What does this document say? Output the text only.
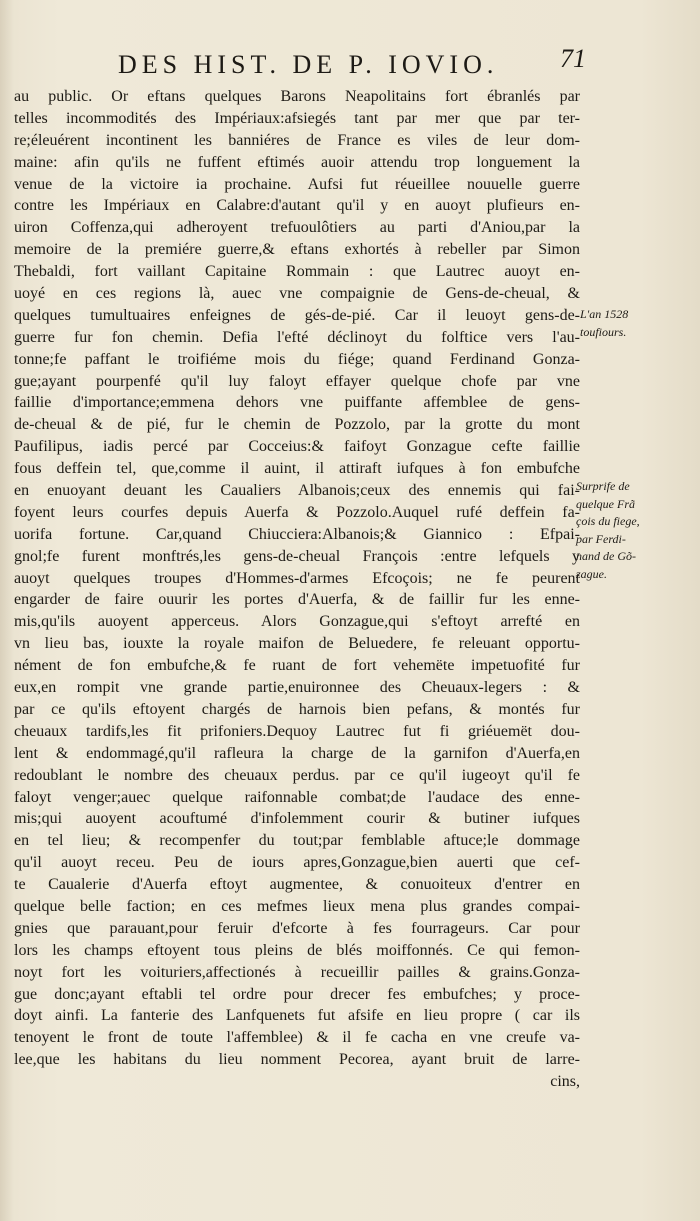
DES HIST. DE P. IOVIO. 71
au public. Or eftans quelques Barons Neapolitains fort ébranlés par
telles incommodités des Impériaux:afsiegés tant par mer que par ter-
re;éleuérent incontinent les banniéres de France es viles de leur dom-
maine: afin qu'ils ne fuffent eftimés auoir attendu trop longuement la
venue de la victoire ia prochaine. Aufsi fut réueillee nouuelle guerre
contre les Impériaux en Calabre:d'autant qu'il y en auoyt plufieurs en-
uiron Coffenza,qui adheroyent trefuoulôtiers au parti d'Aniou,par la
memoire de la premiére guerre,& eftans exhortés à rebeller par Simon
Thebaldi, fort vaillant Capitaine Rommain : que Lautrec auoyt en-
uoyé en ces regions là, auec vne compaignie de Gens-de-cheual, &
quelques tumultuaires enfeignes de gés-de-pié. Car il leuoyt gens-de-
guerre fur fon chemin. Defia l'efté déclinoyt du folftice vers l'au-
tonne;fe paffant le troifiéme mois du fiége; quand Ferdinand Gonza-
gue;ayant pourpenfé qu'il luy faloyt effayer quelque chofe par vne
faillie d'importance;emmena dehors vne puiffante affemblee de gens-
de-cheual & de pié, fur le chemin de Pozzolo, par la grotte du mont
Paufilipus, iadis percé par Cocceius:& faifoyt Gonzague cefte faillie
fous deffein tel, que,comme il auint, il attiraft iufques à fon embufche
en enuoyant deuant les Caualiers Albanois;ceux des ennemis qui fai-
foyent leurs courfes depuis Auerfa & Pozzolo.Auquel rufé deffein fa-
uorifa fortune. Car,quand Chiucciera:Albanois;& Giannico : Efpai-
gnol;fe furent monftrés,les gens-de-cheual François :entre lefquels y
auoyt quelques troupes d'Hommes-d'armes Efcoçois; ne fe peurent
engarder de faire ouurir les portes d'Auerfa, & de faillir fur les enne-
mis,qu'ils auoyent apperceus. Alors Gonzague,qui s'eftoyt arrefté en
vn lieu bas, iouxte la royale maifon de Beluedere, fe releuant opportu-
nément de fon embufche,& fe ruant de fort vehemëte impetuofité fur
eux,en rompit vne grande partie,enuironnee des Cheuaux-legers : &
par ce qu'ils eftoyent chargés de harnois bien pefans, & montés fur
cheuaux tardifs,les fit prifoniers.Dequoy Lautrec fut fi griéuemët dou-
lent & endommagé,qu'il rafleura la charge de la garnifon d'Auerfa,en
redoublant le nombre des cheuaux perdus. par ce qu'il iugeoyt qu'il fe
faloyt venger;auec quelque raifonnable combat;de l'audace des enne-
mis;qui auoyent acouftumé d'infolemment courir & butiner iufques
en tel lieu; & recompenfer du tout;par femblable aftuce;le dommage
qu'il auoyt receu. Peu de iours apres,Gonzague,bien auerti que cef-
te Caualerie d'Auerfa eftoyt augmentee, & conuoiteux d'entrer en
quelque belle faction; en ces mefmes lieux mena plus grandes compai-
gnies que parauant,pour feruir d'efcorte à fes fourrageurs. Car pour
lors les champs eftoyent tous pleins de blés moiffonnés. Ce qui femon-
noyt fort les voituriers,affectionés à recueillir pailles & grains.Gonza-
gue donc;ayant eftabli tel ordre pour drecer fes embufches; y proce-
doyt ainfi. La fanterie des Lanfquenets fut afsife en lieu propre ( car ils
tenoyent le front de toute l'affemblee) & il fe cacha en vne creufe va-
lee,que les habitans du lieu nomment Pecorea, ayant bruit de larre-
cins,
L'an 1528
toufiours.
Surprife de
quelque Frã
çois du fiege,
par Ferdi-
nand de Gõ-
zague.
